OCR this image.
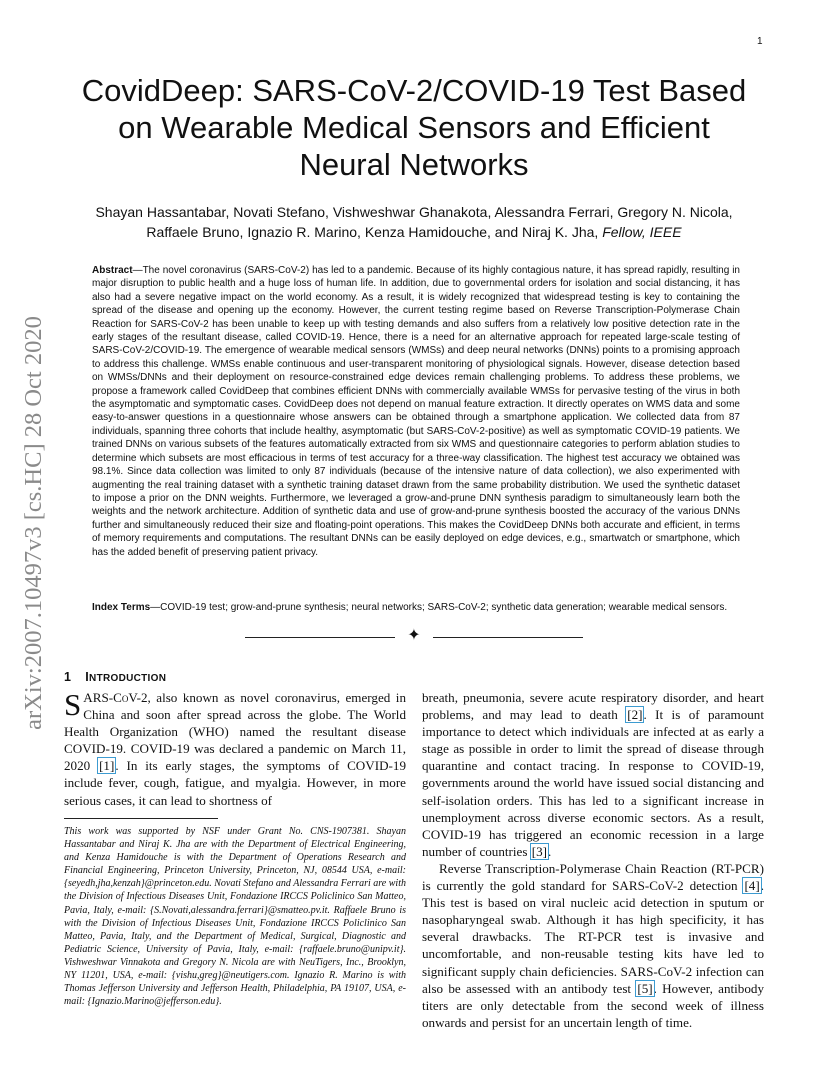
1
arXiv:2007.10497v3 [cs.HC] 28 Oct 2020
CovidDeep: SARS-CoV-2/COVID-19 Test Based
on Wearable Medical Sensors and Efficient
Neural Networks
Shayan Hassantabar, Novati Stefano, Vishweshwar Ghanakota, Alessandra Ferrari, Gregory N. Nicola,
Raffaele Bruno, Ignazio R. Marino, Kenza Hamidouche, and Niraj K. Jha, Fellow, IEEE

Abstract—The novel coronavirus (SARS-CoV-2) has led to a pandemic. Because of its highly contagious nature, it has spread rapidly, resulting in major disruption to public health and a huge loss of human life. In addition, due to governmental orders for isolation and social distancing, it has also had a severe negative impact on the world economy. As a result, it is widely recognized that widespread testing is key to containing the spread of the disease and opening up the economy. However, the current testing regime based on Reverse Transcription-Polymerase Chain Reaction for SARS-CoV-2 has been unable to keep up with testing demands and also suffers from a relatively low positive detection rate in the early stages of the resultant disease, called COVID-19. Hence, there is a need for an alternative approach for repeated large-scale testing of SARS-CoV-2/COVID-19. The emergence of wearable medical sensors (WMSs) and deep neural networks (DNNs) points to a promising approach to address this challenge. WMSs enable continuous and user-transparent monitoring of physiological signals. However, disease detection based on WMSs/DNNs and their deployment on resource-constrained edge devices remain challenging problems. To address these problems, we propose a framework called CovidDeep that combines efficient DNNs with commercially available WMSs for pervasive testing of the virus in both the asymptomatic and symptomatic cases. CovidDeep does not depend on manual feature extraction. It directly operates on WMS data and some easy-to-answer questions in a questionnaire whose answers can be obtained through a smartphone application. We collected data from 87 individuals, spanning three cohorts that include healthy, asymptomatic (but SARS-CoV-2-positive) as well as symptomatic COVID-19 patients. We trained DNNs on various subsets of the features automatically extracted from six WMS and questionnaire categories to perform ablation studies to determine which subsets are most efficacious in terms of test accuracy for a three-way classification. The highest test accuracy we obtained was 98.1%. Since data collection was limited to only 87 individuals (because of the intensive nature of data collection), we also experimented with augmenting the real training dataset with a synthetic training dataset drawn from the same probability distribution. We used the synthetic dataset to impose a prior on the DNN weights. Furthermore, we leveraged a grow-and-prune DNN synthesis paradigm to simultaneously learn both the weights and the network architecture. Addition of synthetic data and use of grow-and-prune synthesis boosted the accuracy of the various DNNs further and simultaneously reduced their size and floating-point operations. This makes the CovidDeep DNNs both accurate and efficient, in terms of memory requirements and computations. The resultant DNNs can be easily deployed on edge devices, e.g., smartwatch or smartphone, which has the added benefit of preserving patient privacy.

Index Terms—COVID-19 test; grow-and-prune synthesis; neural networks; SARS-CoV-2; synthetic data generation; wearable medical sensors.

✦
1 INTRODUCTION

SARS-CoV-2, also known as novel coronavirus, emerged in China and soon after spread across the globe. The World Health Organization (WHO) named the resultant disease COVID-19. COVID-19 was declared a pandemic on March 11, 2020 [1]. In its early stages, the symptoms of COVID-19 include fever, cough, fatigue, and myalgia. However, in more serious cases, it can lead to shortness of

This work was supported by NSF under Grant No. CNS-1907381. Shayan Hassantabar and Niraj K. Jha are with the Department of Electrical Engineering, and Kenza Hamidouche is with the Department of Operations Research and Financial Engineering, Princeton University, Princeton, NJ, 08544 USA, e-mail:{seyedh,jha,kenzah}@princeton.edu. Novati Stefano and Alessandra Ferrari are with the Division of Infectious Diseases Unit, Fondazione IRCCS Policlinico San Matteo, Pavia, Italy, e-mail: {S.Novati,alessandra.ferrari}@smatteo.pv.it. Raffaele Bruno is with the Division of Infectious Diseases Unit, Fondazione IRCCS Policlinico San Matteo, Pavia, Italy, and the Department of Medical, Surgical, Diagnostic and Pediatric Science, University of Pavia, Italy, e-mail: {raffaele.bruno@unipv.it}. Vishweshwar Vinnakota and Gregory N. Nicola are with NeuTigers, Inc., Brooklyn, NY 11201, USA, e-mail: {vishu,greg}@neutigers.com. Ignazio R. Marino is with Thomas Jefferson University and Jefferson Health, Philadelphia, PA 19107, USA, e-mail: {Ignazio.Marino@jefferson.edu}.

breath, pneumonia, severe acute respiratory disorder, and heart problems, and may lead to death [2]. It is of paramount importance to detect which individuals are infected at as early a stage as possible in order to limit the spread of disease through quarantine and contact tracing. In response to COVID-19, governments around the world have issued social distancing and self-isolation orders. This has led to a significant increase in unemployment across diverse economic sectors. As a result, COVID-19 has triggered an economic recession in a large number of countries [3].
Reverse Transcription-Polymerase Chain Reaction (RT-PCR) is currently the gold standard for SARS-CoV-2 detection [4]. This test is based on viral nucleic acid detection in sputum or nasopharyngeal swab. Although it has high specificity, it has several drawbacks. The RT-PCR test is invasive and uncomfortable, and non-reusable testing kits have led to significant supply chain deficiencies. SARS-CoV-2 infection can also be assessed with an antibody test [5]. However, antibody titers are only detectable from the second week of illness onwards and persist for an uncertain length of time.
